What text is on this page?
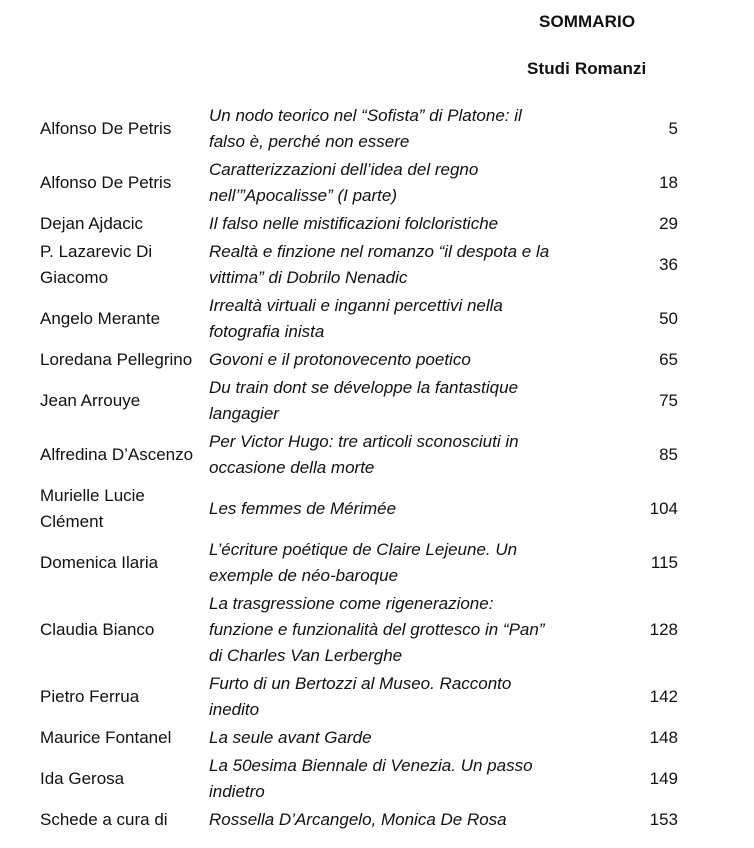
SOMMARIO
Studi Romanzi
Alfonso De Petris	Un nodo teorico nel “Sofista” di Platone: il falso è, perché non essere	5
Alfonso De Petris	Caratterizzazioni dell’idea del regno nell’”Apocalisse” (I parte)	18
Dejan Ajdacic	Il falso nelle mistificazioni folcloristiche	29
P. Lazarevic Di Giacomo	Realtà e finzione nel romanzo “il despota e la vittima” di Dobrilo Nenadic	36
Angelo Merante	Irrealtà virtuali e inganni percettivi nella fotografia inista	50
Loredana Pellegrino	Govoni e il protonovecento poetico	65
Jean Arrouye	Du train dont se développe la fantastique langagier	75
Alfredina D’Ascenzo	Per Victor Hugo: tre articoli sconosciuti in occasione della morte	85
Murielle Lucie Clément	Les femmes de Mérimée	104
Domenica Ilaria	L’écriture poétique de Claire Lejeune. Un exemple de néo-baroque	115
Claudia Bianco	La trasgressione come rigenerazione: funzione e funzionalità del grottesco in “Pan” di Charles Van Lerberghe	128
Pietro Ferrua	Furto di un Bertozzi al Museo. Racconto inedito	142
Maurice Fontanel	La seule avant Garde	148
Ida Gerosa	La 50esima Biennale di Venezia. Un passo indietro	149
Schede a cura di	Rossella D’Arcangelo, Monica De Rosa	153
